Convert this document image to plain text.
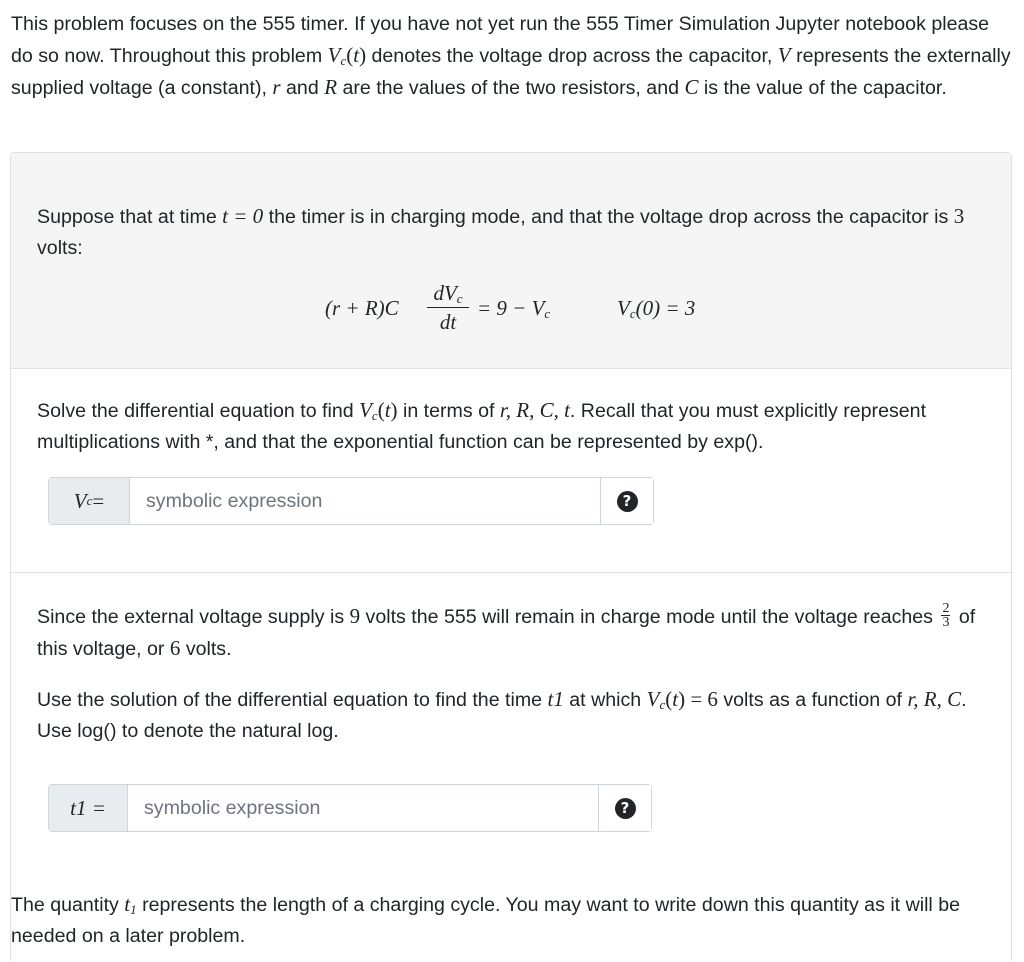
This problem focuses on the 555 timer. If you have not yet run the 555 Timer Simulation Jupyter notebook please do so now. Throughout this problem $V_c(t)$ denotes the voltage drop across the capacitor, V represents the externally supplied voltage (a constant), r and R are the values of the two resistors, and C is the value of the capacitor.

Suppose that at time t = 0 the timer is in charging mode, and that the voltage drop across the capacitor is 3 volts:
(r + R)C
$dV_c$
dt
= $9 - V_c$	$V_c(0) = 3$

Solve the differential equation to find $V_c(t)$ in terms of r, R, C, t. Recall that you must explicitly represent multiplications with *, and that the exponential function can be represented by exp().

V c =	symbolic expression	?

Since the external voltage supply is 9 volts the 555 will remain in charge mode until the voltage reaches $\frac{2}{3}$ of this voltage, or 6 volts.

Use the solution of the differential equation to find the time t1 at which $V_c(t) = 6$ volts as a function of r, R, C. Use log() to denote the natural log.

t1 =	symbolic expression	?

The quantity $t_1$ represents the length of a charging cycle. You may want to write down this quantity as it will be needed on a later problem.
